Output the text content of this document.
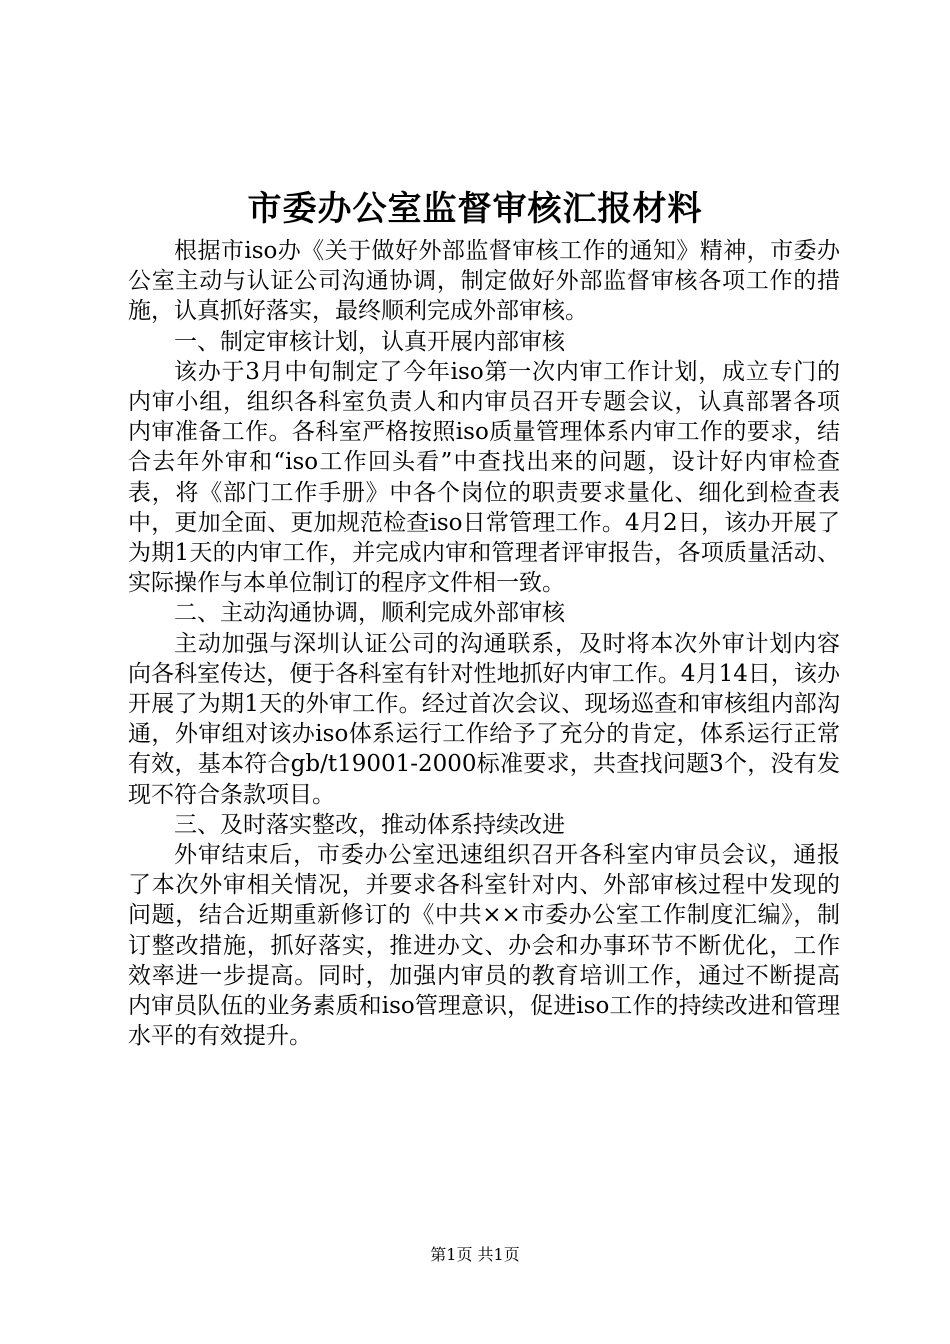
市委办公室监督审核汇报材料

根据市iso办《关于做好外部监督审核工作的通知》精神，市委办公室主动与认证公司沟通协调，制定做好外部监督审核各项工作的措施，认真抓好落实，最终顺利完成外部审核。

一、制定审核计划，认真开展内部审核

该办于3月中旬制定了今年iso第一次内审工作计划，成立专门的内审小组，组织各科室负责人和内审员召开专题会议，认真部署各项内审准备工作。各科室严格按照iso质量管理体系内审工作的要求，结合去年外审和“iso工作回头看”中查找出来的问题，设计好内审检查表，将《部门工作手册》中各个岗位的职责要求量化、细化到检查表中，更加全面、更加规范检查iso日常管理工作。4月2日，该办开展了为期1天的内审工作，并完成内审和管理者评审报告，各项质量活动、实际操作与本单位制订的程序文件相一致。

二、主动沟通协调，顺利完成外部审核

主动加强与深圳认证公司的沟通联系，及时将本次外审计划内容向各科室传达，便于各科室有针对性地抓好内审工作。4月14日，该办开展了为期1天的外审工作。经过首次会议、现场巡查和审核组内部沟通，外审组对该办iso体系运行工作给予了充分的肯定，体系运行正常有效，基本符合gb/t19001-2000标准要求，共查找问题3个，没有发现不符合条款项目。

三、及时落实整改，推动体系持续改进

外审结束后，市委办公室迅速组织召开各科室内审员会议，通报了本次外审相关情况，并要求各科室针对内、外部审核过程中发现的问题，结合近期重新修订的《中共××市委办公室工作制度汇编》，制订整改措施，抓好落实，推进办文、办会和办事环节不断优化，工作效率进一步提高。同时，加强内审员的教育培训工作，通过不断提高内审员队伍的业务素质和iso管理意识，促进iso工作的持续改进和管理水平的有效提升。

第1页 共1页
